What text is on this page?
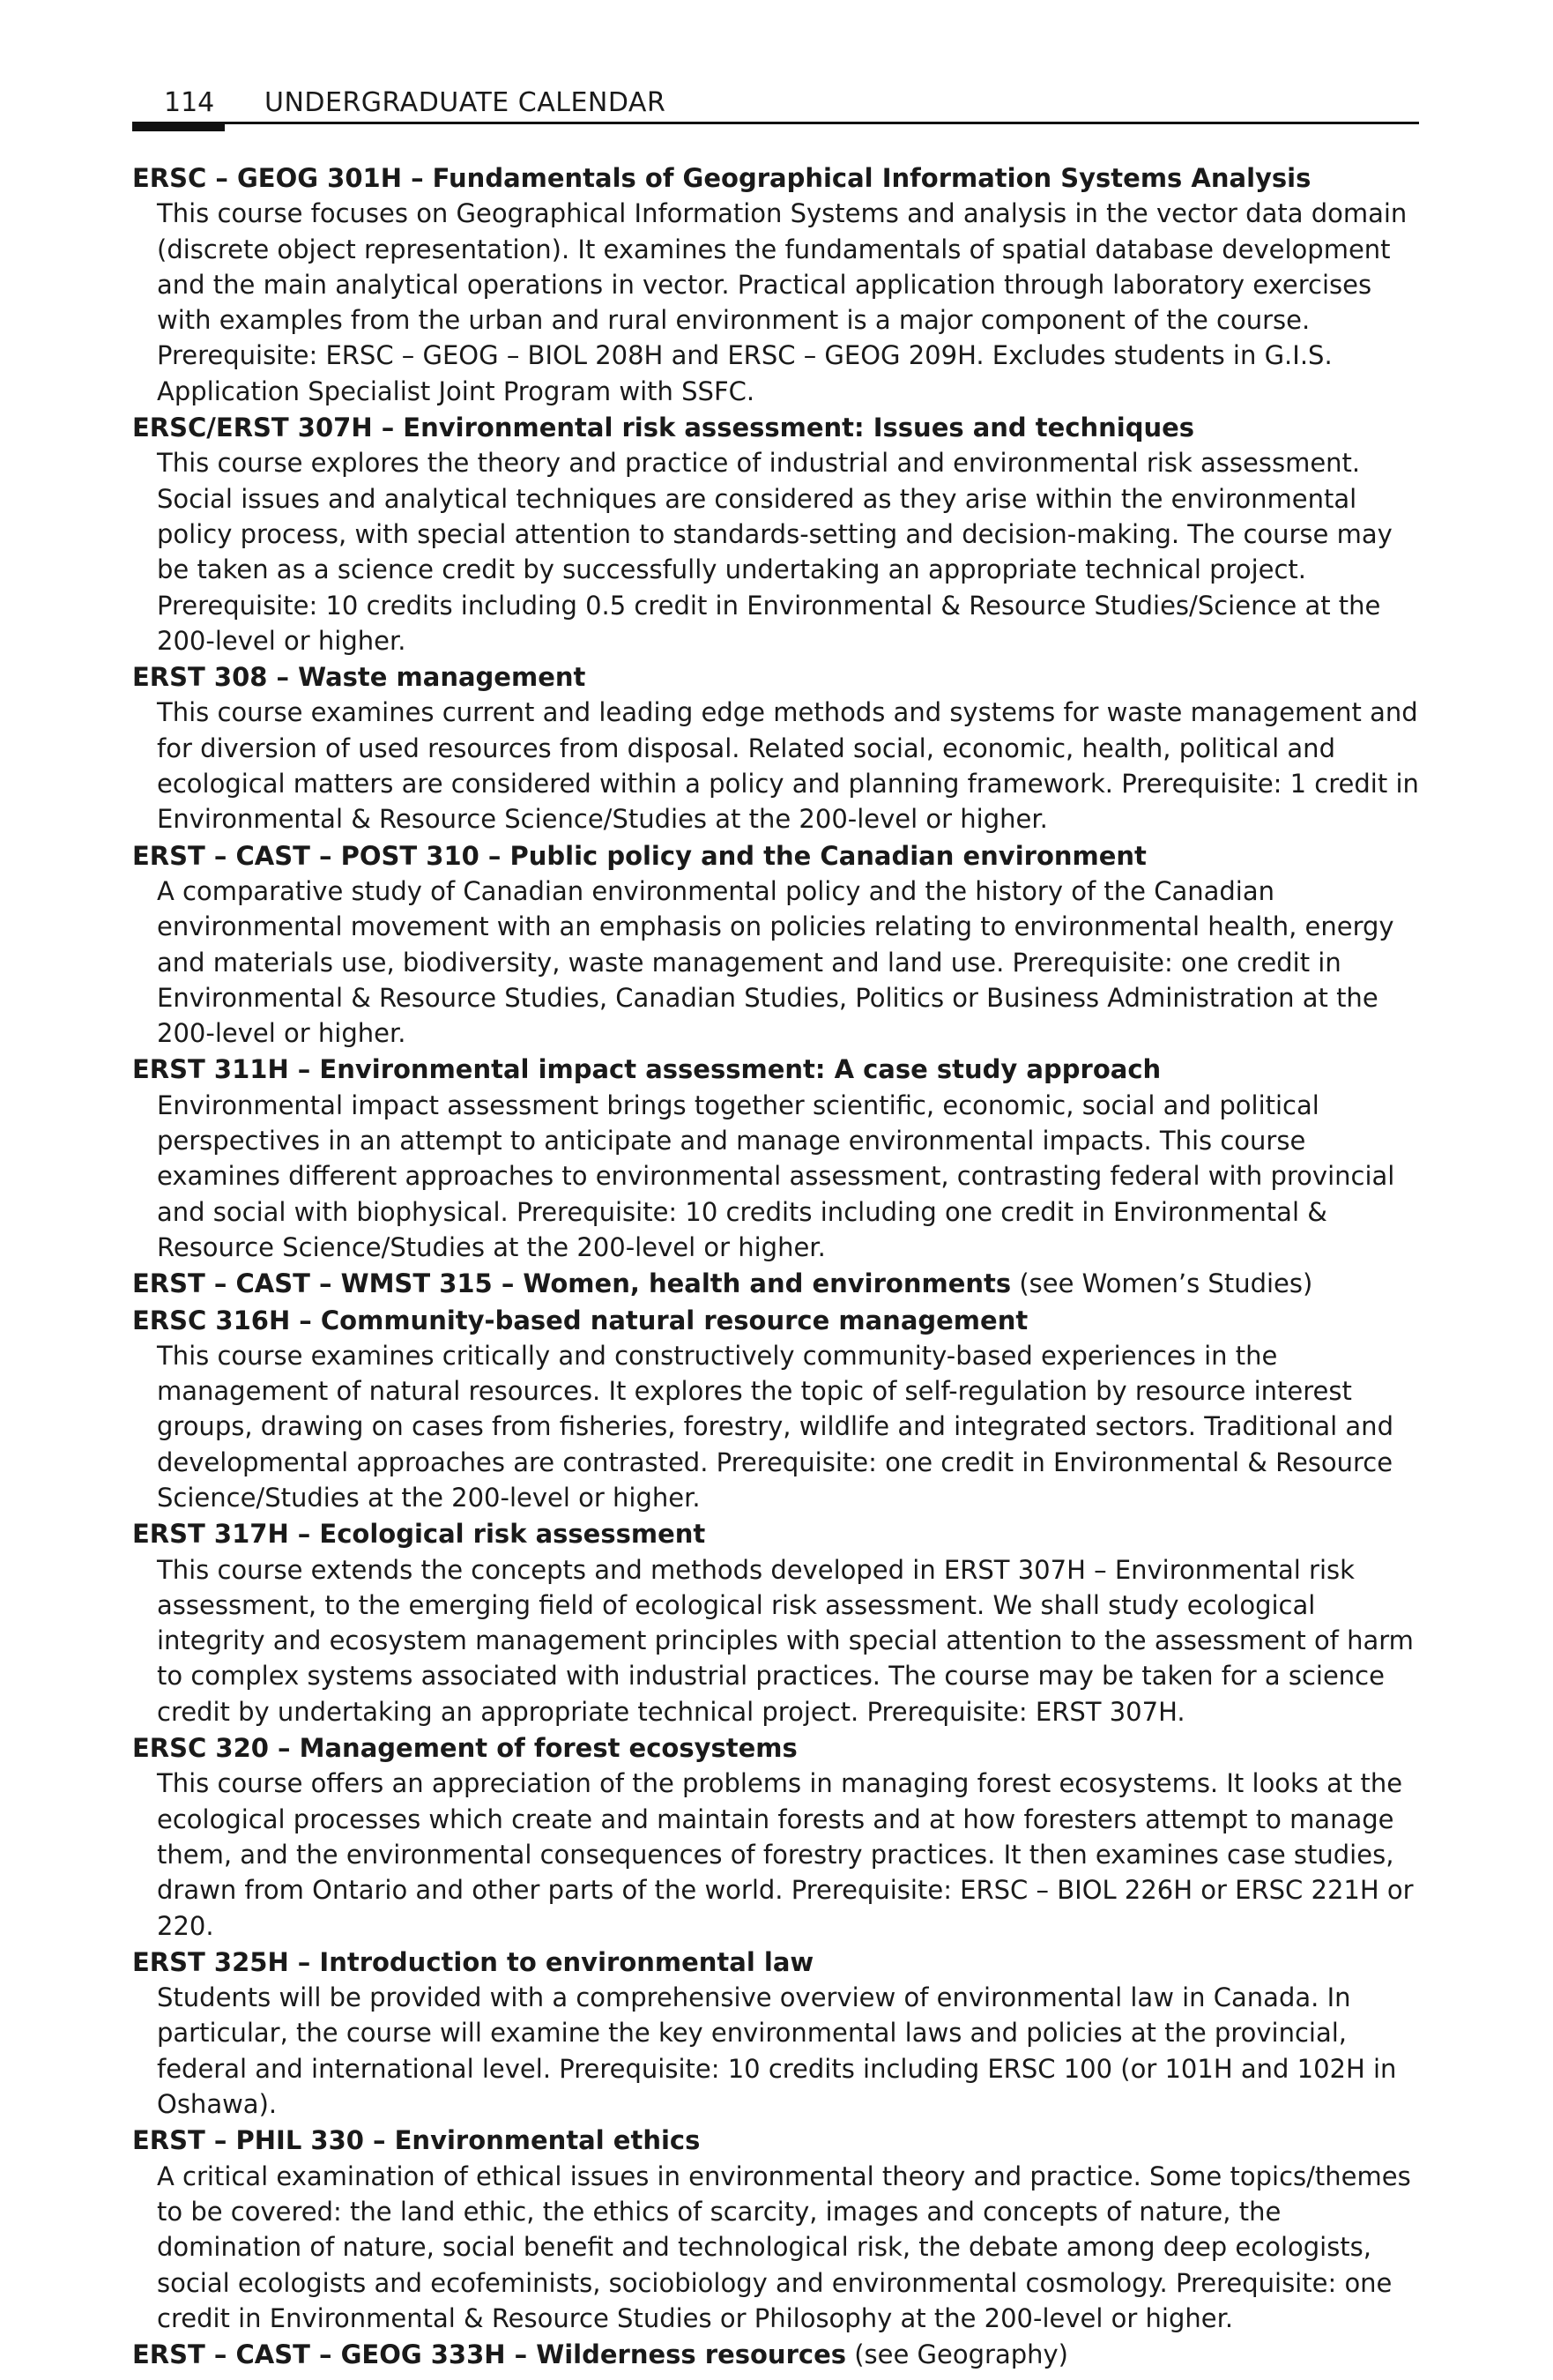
114 UNDERGRADUATE CALENDAR
ERSC – GEOG 301H – Fundamentals of Geographical Information Systems Analysis
This course focuses on Geographical Information Systems and analysis in the vector data domain (discrete object representation). It examines the fundamentals of spatial database development and the main analytical operations in vector. Practical application through laboratory exercises with examples from the urban and rural environment is a major component of the course. Prerequisite: ERSC – GEOG – BIOL 208H and ERSC – GEOG 209H. Excludes students in G.I.S. Application Specialist Joint Program with SSFC.
ERSC/ERST 307H – Environmental risk assessment: Issues and techniques
This course explores the theory and practice of industrial and environmental risk assessment. Social issues and analytical techniques are considered as they arise within the environmental policy process, with special attention to standards-setting and decision-making. The course may be taken as a science credit by successfully undertaking an appropriate technical project. Prerequisite: 10 credits including 0.5 credit in Environmental & Resource Studies/Science at the 200-level or higher.
ERST 308 – Waste management
This course examines current and leading edge methods and systems for waste management and for diversion of used resources from disposal. Related social, economic, health, political and ecological matters are considered within a policy and planning framework. Prerequisite: 1 credit in Environmental & Resource Science/Studies at the 200-level or higher.
ERST – CAST – POST 310 – Public policy and the Canadian environment
A comparative study of Canadian environmental policy and the history of the Canadian environmental movement with an emphasis on policies relating to environmental health, energy and materials use, biodiversity, waste management and land use. Prerequisite: one credit in Environmental & Resource Studies, Canadian Studies, Politics or Business Administration at the 200-level or higher.
ERST 311H – Environmental impact assessment: A case study approach
Environmental impact assessment brings together scientific, economic, social and political perspectives in an attempt to anticipate and manage environmental impacts. This course examines different approaches to environmental assessment, contrasting federal with provincial and social with biophysical. Prerequisite: 10 credits including one credit in Environmental & Resource Science/Studies at the 200-level or higher.
ERST – CAST – WMST 315 – Women, health and environments (see Women’s Studies)
ERSC 316H – Community-based natural resource management
This course examines critically and constructively community-based experiences in the management of natural resources. It explores the topic of self-regulation by resource interest groups, drawing on cases from fisheries, forestry, wildlife and integrated sectors. Traditional and developmental approaches are contrasted. Prerequisite: one credit in Environmental & Resource Science/Studies at the 200-level or higher.
ERST 317H – Ecological risk assessment
This course extends the concepts and methods developed in ERST 307H – Environmental risk assessment, to the emerging field of ecological risk assessment. We shall study ecological integrity and ecosystem management principles with special attention to the assessment of harm to complex systems associated with industrial practices. The course may be taken for a science credit by undertaking an appropriate technical project. Prerequisite: ERST 307H.
ERSC 320 – Management of forest ecosystems
This course offers an appreciation of the problems in managing forest ecosystems. It looks at the ecological processes which create and maintain forests and at how foresters attempt to manage them, and the environmental consequences of forestry practices. It then examines case studies, drawn from Ontario and other parts of the world. Prerequisite: ERSC – BIOL 226H or ERSC 221H or 220.
ERST 325H – Introduction to environmental law
Students will be provided with a comprehensive overview of environmental law in Canada. In particular, the course will examine the key environmental laws and policies at the provincial, federal and international level. Prerequisite: 10 credits including ERSC 100 (or 101H and 102H in Oshawa).
ERST – PHIL 330 – Environmental ethics
A critical examination of ethical issues in environmental theory and practice. Some topics/themes to be covered: the land ethic, the ethics of scarcity, images and concepts of nature, the domination of nature, social benefit and technological risk, the debate among deep ecologists, social ecologists and ecofeminists, sociobiology and environmental cosmology. Prerequisite: one credit in Environmental & Resource Studies or Philosophy at the 200-level or higher.
ERST – CAST – GEOG 333H – Wilderness resources (see Geography)
